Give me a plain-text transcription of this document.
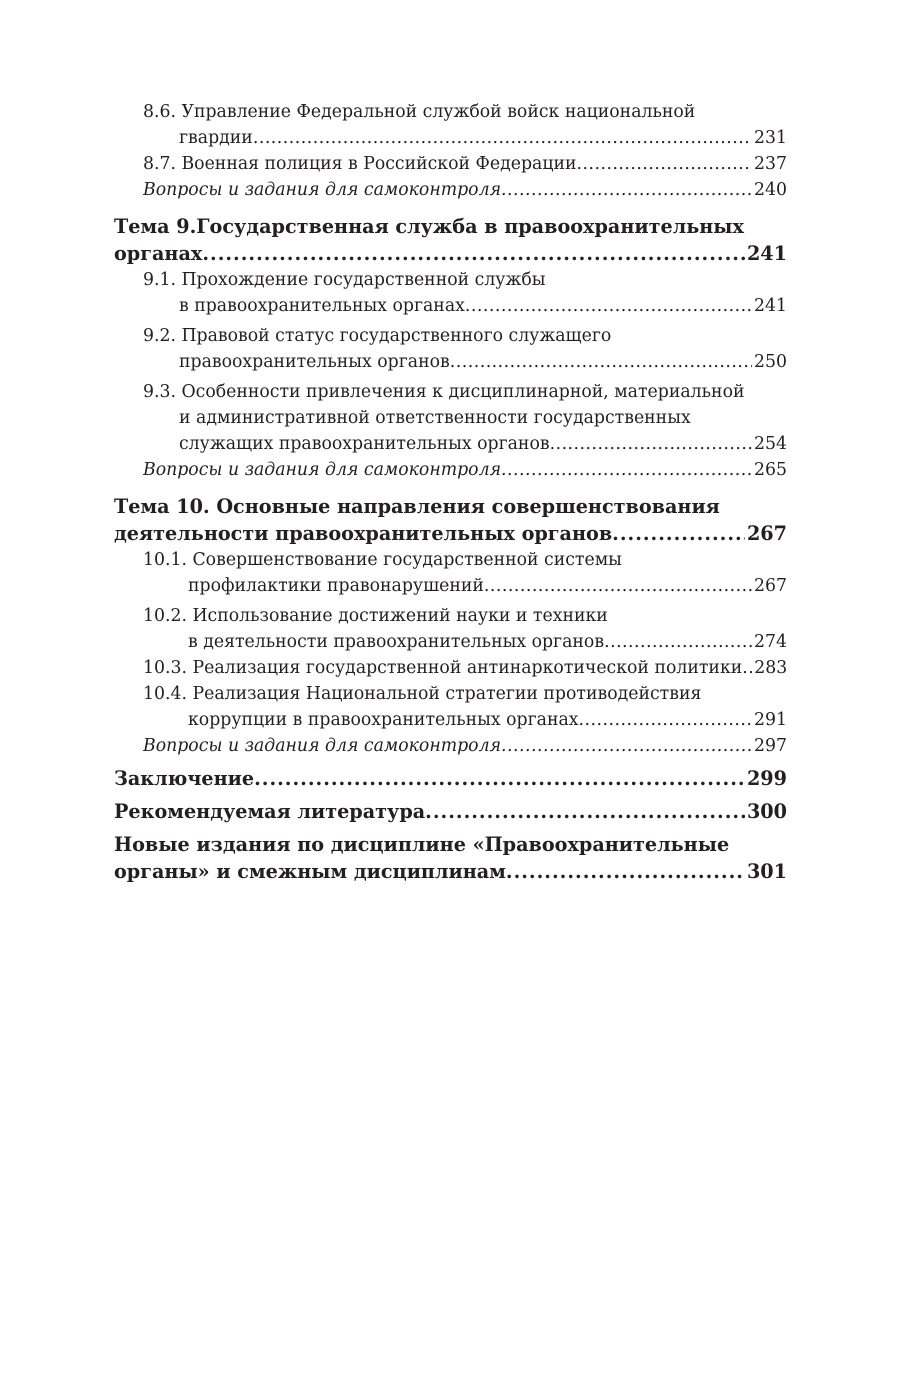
8.6. Управление Федеральной службой войск национальной
гвардии .....	231
8.7. Военная полиция в Российской Федерации .....	237
Вопросы и задания для самоконтроля .....	240
Тема 9.Государственная служба в правоохранительных
органах .....	241
9.1. Прохождение государственной службы
в правоохранительных органах .....	241
9.2. Правовой статус государственного служащего
правоохранительных органов .....	250
9.3. Особенности привлечения к дисциплинарной, материальной
и административной ответственности государственных
служащих правоохранительных органов .....	254
Вопросы и задания для самоконтроля .....	265
Тема 10. Основные направления совершенствования
деятельности правоохранительных органов .....	267
10.1. Совершенствование государственной системы
профилактики правонарушений .....	267
10.2. Использование достижений науки и техники
в деятельности правоохранительных органов .....	274
10.3. Реализация государственной антинаркотической политики ..... 283
10.4. Реализация Национальной стратегии противодействия
коррупции в правоохранительных органах .....	291
Вопросы и задания для самоконтроля .....	297
Заключение .....	299
Рекомендуемая литература .....	300
Новые издания по дисциплине «Правоохранительные
органы» и смежным дисциплинам .....	301
